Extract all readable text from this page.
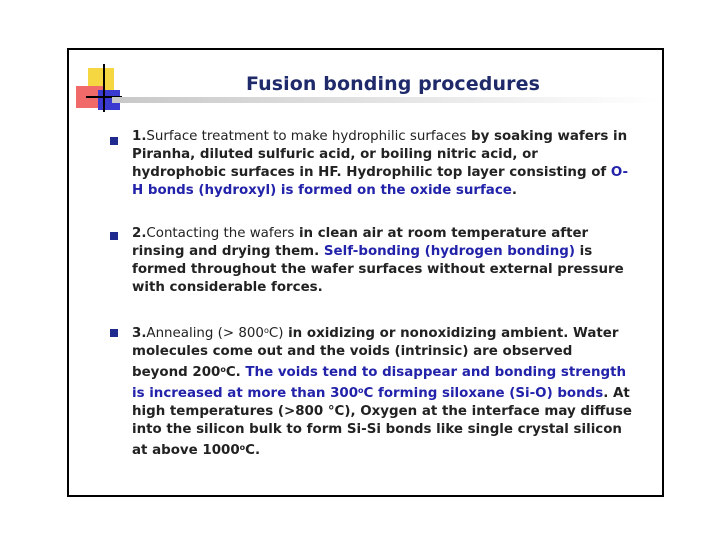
Fusion bonding procedures
1.Surface treatment to make hydrophilic surfaces by soaking wafers in Piranha, diluted sulfuric acid, or boiling nitric acid, or hydrophobic surfaces in HF. Hydrophilic top layer consisting of O-H bonds (hydroxyl) is formed on the oxide surface.
2.Contacting the wafers in clean air at room temperature after rinsing and drying them. Self-bonding (hydrogen bonding) is formed throughout the wafer surfaces without external pressure with considerable forces.
3.Annealing (> $800^oC$) in oxidizing or nonoxidizing ambient. Water molecules come out and the voids (intrinsic) are observed beyond 200$^o$C. The voids tend to disappear and bonding strength is increased at more than 300$^o$C forming siloxane (Si-O) bonds. At high temperatures (>800 °C), Oxygen at the interface may diffuse into the silicon bulk to form Si-Si bonds like single crystal silicon at above 1000$^o$C.
